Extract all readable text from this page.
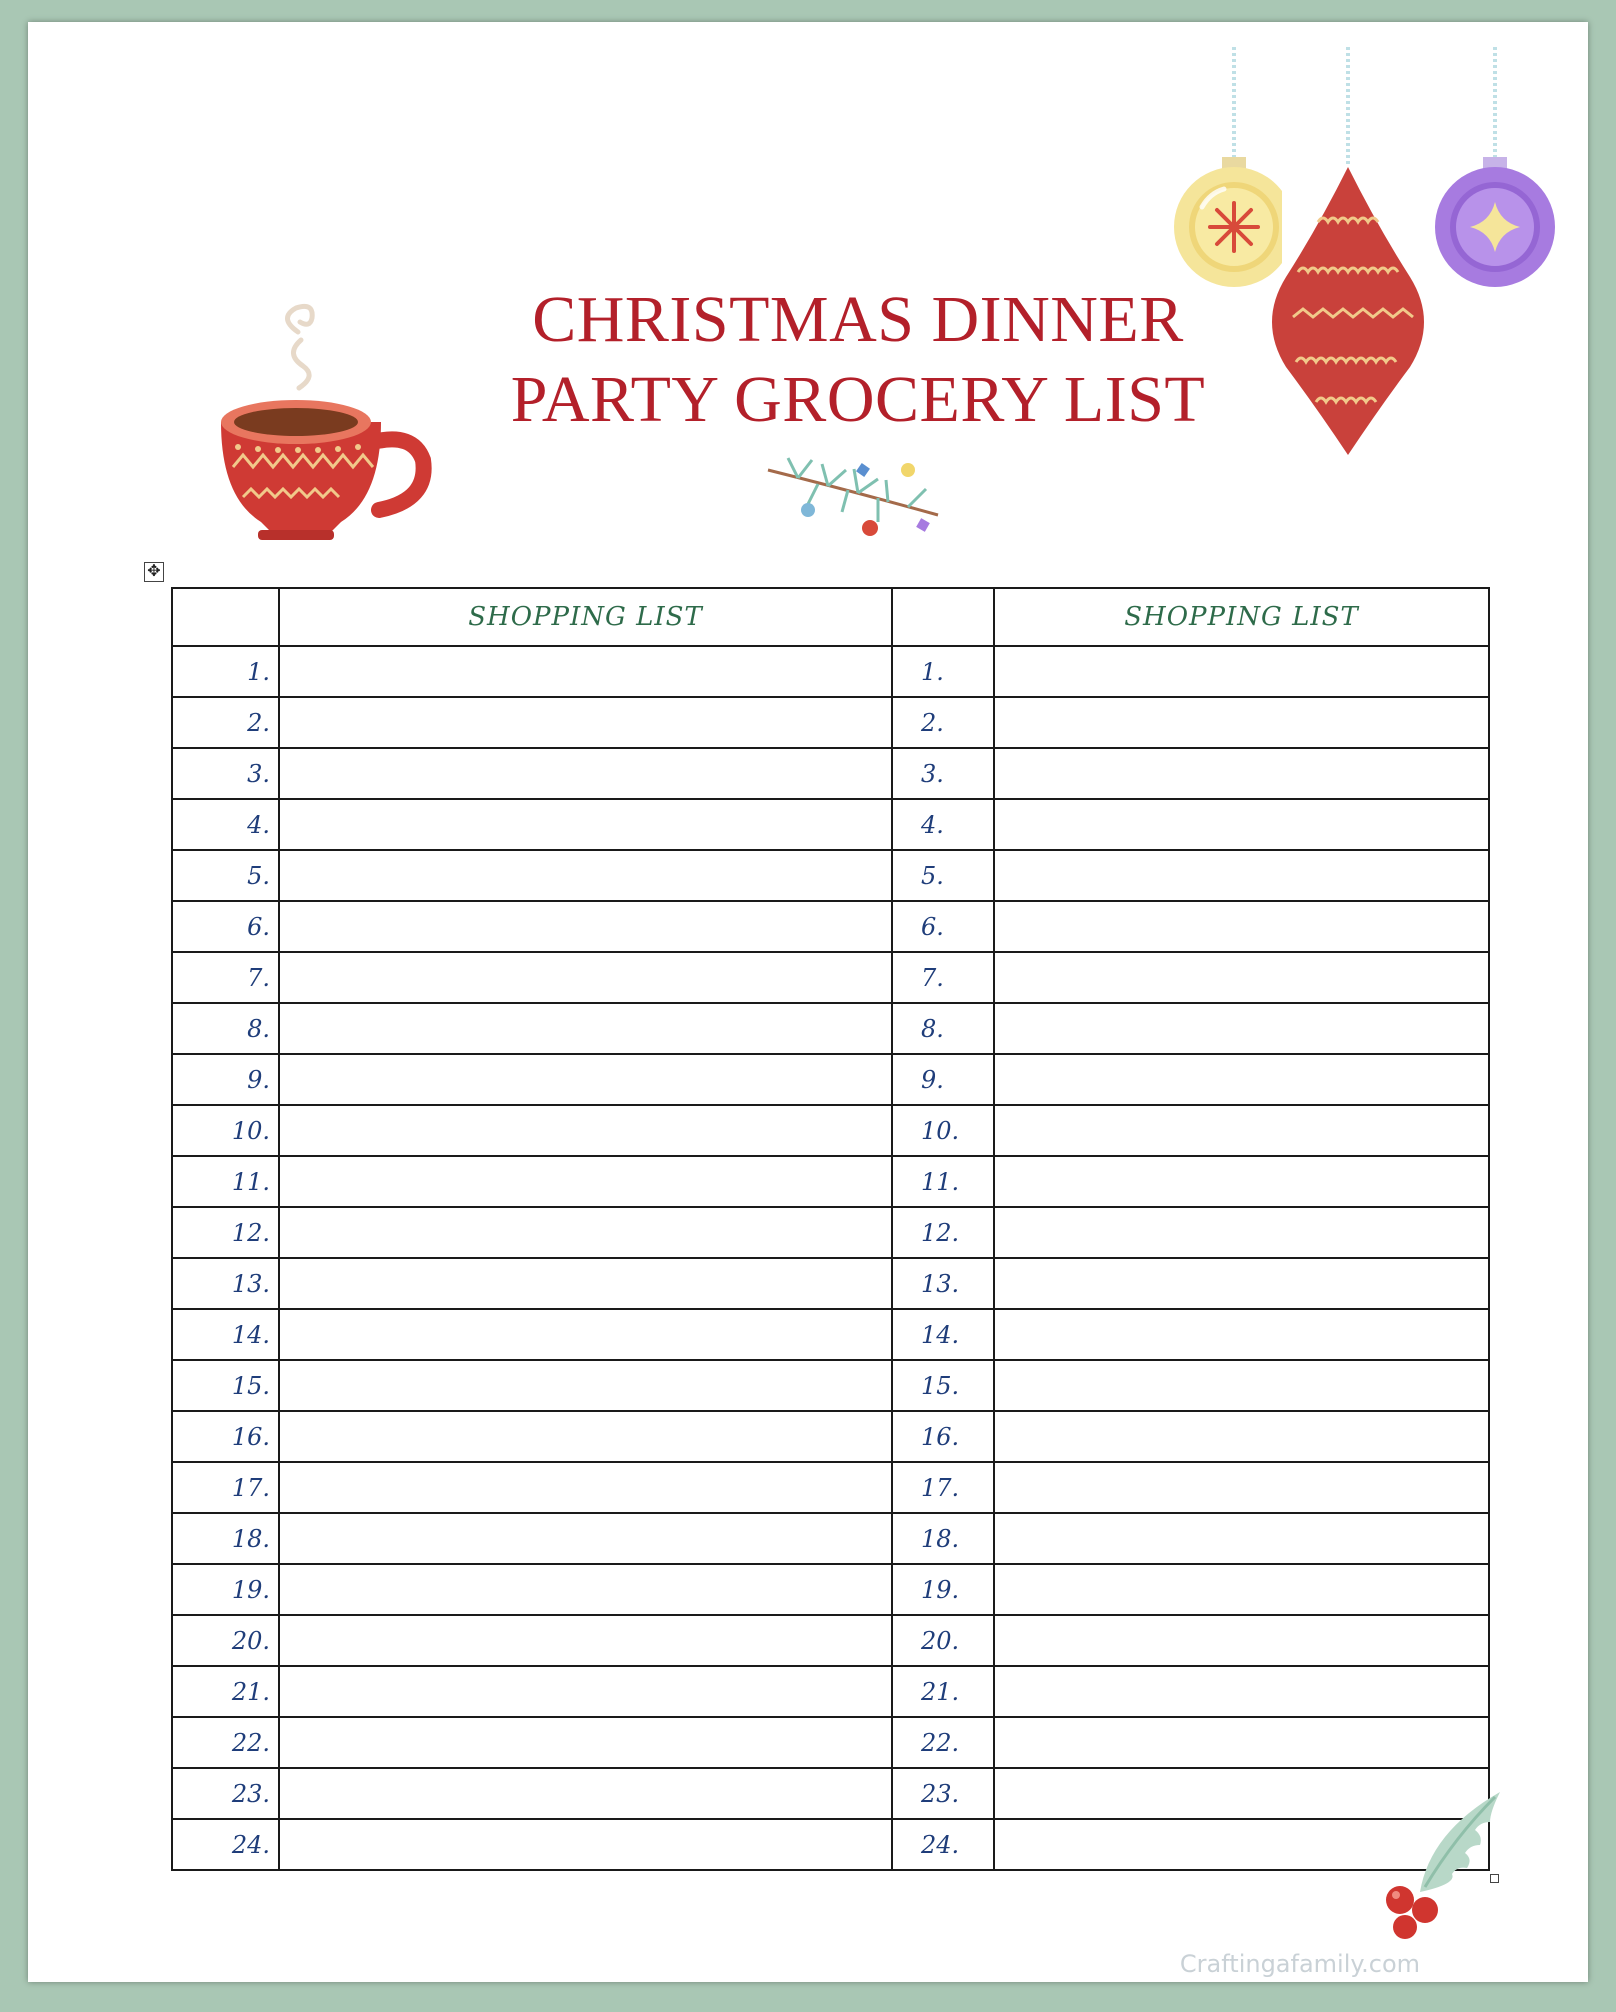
CHRISTMAS DINNER
PARTY GROCERY LIST
✥
	SHOPPING LIST		SHOPPING LIST
1.		1.	
2.		2.	
3.		3.	
4.		4.	
5.		5.	
6.		6.	
7.		7.	
8.		8.	
9.		9.	
10.		10.	
11.		11.	
12.		12.	
13.		13.	
14.		14.	
15.		15.	
16.		16.	
17.		17.	
18.		18.	
19.		19.	
20.		20.	
21.		21.	
22.		22.	
23.		23.	
24.		24.	
Craftingafamily.com
